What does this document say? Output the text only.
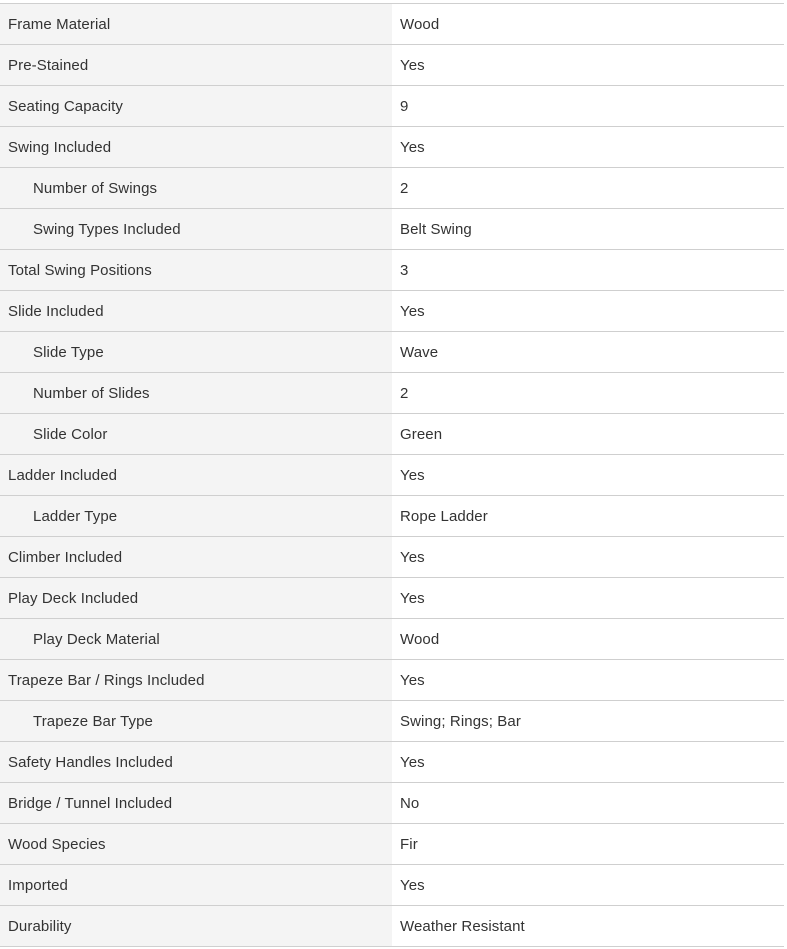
Frame Material	Wood
Pre-Stained	Yes
Seating Capacity	9
Swing Included	Yes
Number of Swings	2
Swing Types Included	Belt Swing
Total Swing Positions	3
Slide Included	Yes
Slide Type	Wave
Number of Slides	2
Slide Color	Green
Ladder Included	Yes
Ladder Type	Rope Ladder
Climber Included	Yes
Play Deck Included	Yes
Play Deck Material	Wood
Trapeze Bar / Rings Included	Yes
Trapeze Bar Type	Swing; Rings; Bar
Safety Handles Included	Yes
Bridge / Tunnel Included	No
Wood Species	Fir
Imported	Yes
Durability	Weather Resistant
